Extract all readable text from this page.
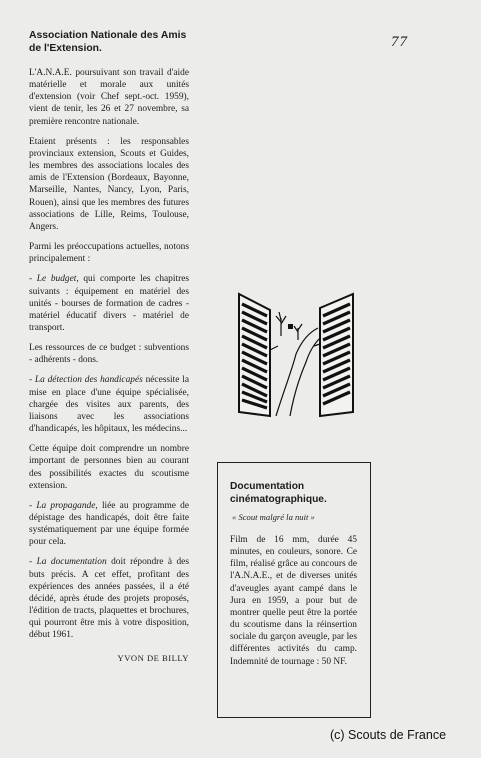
77
Association Nationale des Amis de l'Extension.

L'A.N.A.E. poursuivant son travail d'aide matérielle et morale aux unités d'extension (voir Chef sept.-oct. 1959), vient de tenir, les 26 et 27 novembre, sa première rencontre nationale.

Etaient présents : les responsables provinciaux extension, Scouts et Guides, les membres des associations locales des amis de l'Extension (Bordeaux, Bayonne, Marseille, Nantes, Nancy, Lyon, Paris, Rouen), ainsi que les membres des futures associations de Lille, Reims, Toulouse, Angers.

Parmi les préoccupations actuelles, notons principalement :

- Le budget, qui comporte les chapitres suivants : équipement en matériel des unités - bourses de formation de cadres - matériel éducatif divers - matériel de transport.

Les ressources de ce budget : subventions - adhérents - dons.

- La détection des handicapés nécessite la mise en place d'une équipe spécialisée, chargée des visites aux parents, des liaisons avec les associations d'handicapés, les hôpitaux, les médecins...

Cette équipe doit comprendre un nombre important de personnes bien au courant des possibilités exactes du scoutisme extension.

- La propagande, liée au programme de dépistage des handicapés, doit être faite systématiquement par une équipe formée pour cela.

- La documentation doit répondre à des buts précis. A cet effet, profitant des expériences des années passées, il a été décidé, après étude des projets proposés, l'édition de tracts, plaquettes et brochures, qui pourront être mis à votre disposition, début 1961.

YVON DE BILLY
Documentation cinématographique.
« Scout malgré la nuit »

Film de 16 mm, durée 45 minutes, en couleurs, sonore. Ce film, réalisé grâce au concours de l'A.N.A.E., et de diverses unités d'aveugles ayant campé dans le Jura en 1959, a pour but de montrer quelle peut être la portée du scoutisme dans la réinsertion sociale du garçon aveugle, par les différentes activités du camp. Indemnité de tournage : 50 NF.

(c) Scouts de France
